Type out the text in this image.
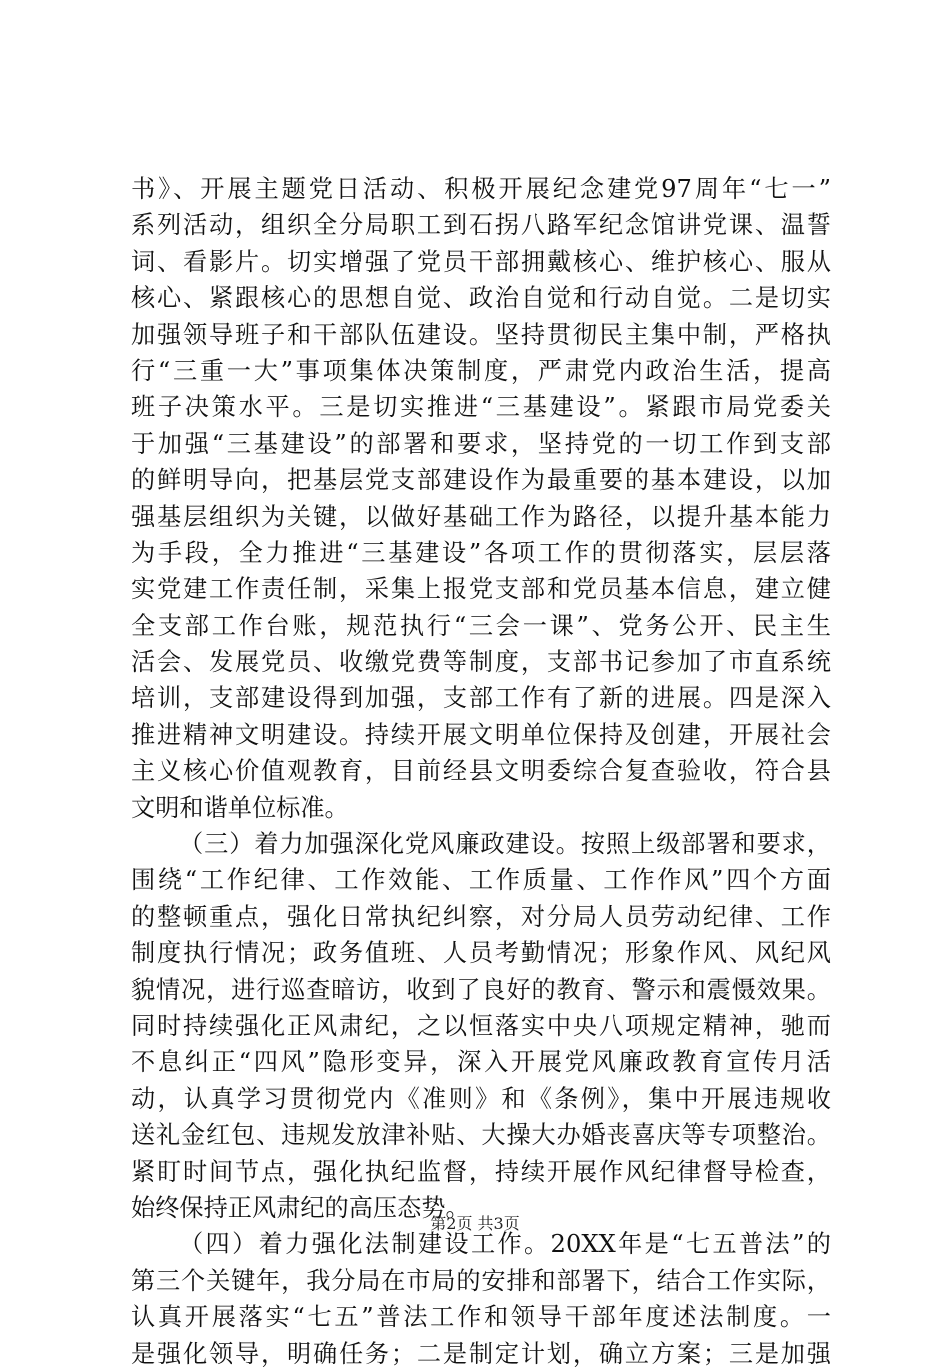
书》、开展主题党日活动、积极开展纪念建党97周年“七一”
系列活动，组织全分局职工到石拐八路军纪念馆讲党课、温誓
词、看影片。切实增强了党员干部拥戴核心、维护核心、服从
核心、紧跟核心的思想自觉、政治自觉和行动自觉。二是切实
加强领导班子和干部队伍建设。坚持贯彻民主集中制，严格执
行“三重一大”事项集体决策制度，严肃党内政治生活，提高
班子决策水平。三是切实推进“三基建设”。紧跟市局党委关
于加强“三基建设”的部署和要求，坚持党的一切工作到支部
的鲜明导向，把基层党支部建设作为最重要的基本建设，以加
强基层组织为关键，以做好基础工作为路径，以提升基本能力
为手段，全力推进“三基建设”各项工作的贯彻落实，层层落
实党建工作责任制，采集上报党支部和党员基本信息，建立健
全支部工作台账，规范执行“三会一课”、党务公开、民主生
活会、发展党员、收缴党费等制度，支部书记参加了市直系统
培训，支部建设得到加强，支部工作有了新的进展。四是深入
推进精神文明建设。持续开展文明单位保持及创建，开展社会
主义核心价值观教育，目前经县文明委综合复查验收，符合县
文明和谐单位标准。
（三）着力加强深化党风廉政建设。按照上级部署和要求，
围绕“工作纪律、工作效能、工作质量、工作作风”四个方面
的整顿重点，强化日常执纪纠察，对分局人员劳动纪律、工作
制度执行情况；政务值班、人员考勤情况；形象作风、风纪风
貌情况，进行巡查暗访，收到了良好的教育、警示和震慑效果。
同时持续强化正风肃纪，之以恒落实中央八项规定精神，驰而
不息纠正“四风”隐形变异，深入开展党风廉政教育宣传月活
动，认真学习贯彻党内《准则》和《条例》，集中开展违规收
送礼金红包、违规发放津补贴、大操大办婚丧喜庆等专项整治。
紧盯时间节点，强化执纪监督，持续开展作风纪律督导检查，
始终保持正风肃纪的高压态势。
（四）着力强化法制建设工作。20XX年是“七五普法”的
第三个关键年，我分局在市局的安排和部署下，结合工作实际，
认真开展落实“七五”普法工作和领导干部年度述法制度。一
是强化领导，明确任务；二是制定计划，确立方案；三是加强
第2页 共3页
